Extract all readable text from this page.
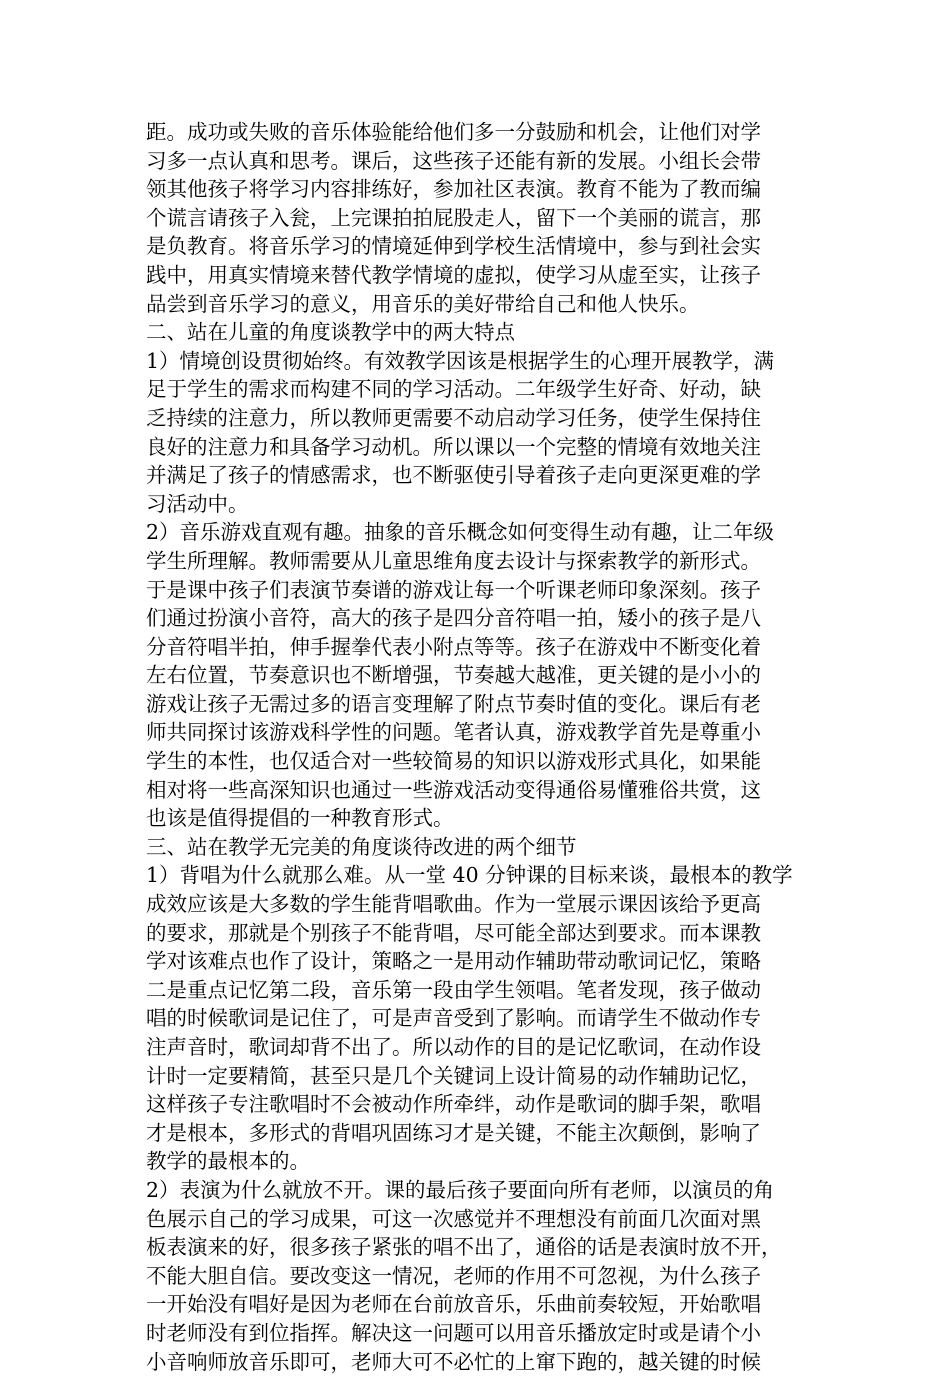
距。成功或失败的音乐体验能给他们多一分鼓励和机会，让他们对学
习多一点认真和思考。课后，这些孩子还能有新的发展。小组长会带
领其他孩子将学习内容排练好，参加社区表演。教育不能为了教而编
个谎言请孩子入瓮，上完课拍拍屁股走人，留下一个美丽的谎言，那
是负教育。将音乐学习的情境延伸到学校生活情境中，参与到社会实
践中，用真实情境来替代教学情境的虚拟，使学习从虚至实，让孩子
品尝到音乐学习的意义，用音乐的美好带给自己和他人快乐。
二、站在儿童的角度谈教学中的两大特点
1）情境创设贯彻始终。有效教学因该是根据学生的心理开展教学，满
足于学生的需求而构建不同的学习活动。二年级学生好奇、好动，缺
乏持续的注意力，所以教师更需要不动启动学习任务，使学生保持住
良好的注意力和具备学习动机。所以课以一个完整的情境有效地关注
并满足了孩子的情感需求，也不断驱使引导着孩子走向更深更难的学
习活动中。
2）音乐游戏直观有趣。抽象的音乐概念如何变得生动有趣，让二年级
学生所理解。教师需要从儿童思维角度去设计与探索教学的新形式。
于是课中孩子们表演节奏谱的游戏让每一个听课老师印象深刻。孩子
们通过扮演小音符，高大的孩子是四分音符唱一拍，矮小的孩子是八
分音符唱半拍，伸手握拳代表小附点等等。孩子在游戏中不断变化着
左右位置，节奏意识也不断增强，节奏越大越准，更关键的是小小的
游戏让孩子无需过多的语言变理解了附点节奏时值的变化。课后有老
师共同探讨该游戏科学性的问题。笔者认真，游戏教学首先是尊重小
学生的本性，也仅适合对一些较简易的知识以游戏形式具化，如果能
相对将一些高深知识也通过一些游戏活动变得通俗易懂雅俗共赏，这
也该是值得提倡的一种教育形式。
三、站在教学无完美的角度谈待改进的两个细节
1）背唱为什么就那么难。从一堂 40 分钟课的目标来谈，最根本的教学
成效应该是大多数的学生能背唱歌曲。作为一堂展示课因该给予更高
的要求，那就是个别孩子不能背唱，尽可能全部达到要求。而本课教
学对该难点也作了设计，策略之一是用动作辅助带动歌词记忆，策略
二是重点记忆第二段，音乐第一段由学生领唱。笔者发现，孩子做动
唱的时候歌词是记住了，可是声音受到了影响。而请学生不做动作专
注声音时，歌词却背不出了。所以动作的目的是记忆歌词，在动作设
计时一定要精简，甚至只是几个关键词上设计简易的动作辅助记忆，
这样孩子专注歌唱时不会被动作所牵绊，动作是歌词的脚手架，歌唱
才是根本，多形式的背唱巩固练习才是关键，不能主次颠倒，影响了
教学的最根本的。
2）表演为什么就放不开。课的最后孩子要面向所有老师，以演员的角
色展示自己的学习成果，可这一次感觉并不理想没有前面几次面对黑
板表演来的好，很多孩子紧张的唱不出了，通俗的话是表演时放不开，
不能大胆自信。要改变这一情况，老师的作用不可忽视，为什么孩子
一开始没有唱好是因为老师在台前放音乐，乐曲前奏较短，开始歌唱
时老师没有到位指挥。解决这一问题可以用音乐播放定时或是请个小
小音响师放音乐即可，老师大可不必忙的上窜下跑的，越关键的时候
